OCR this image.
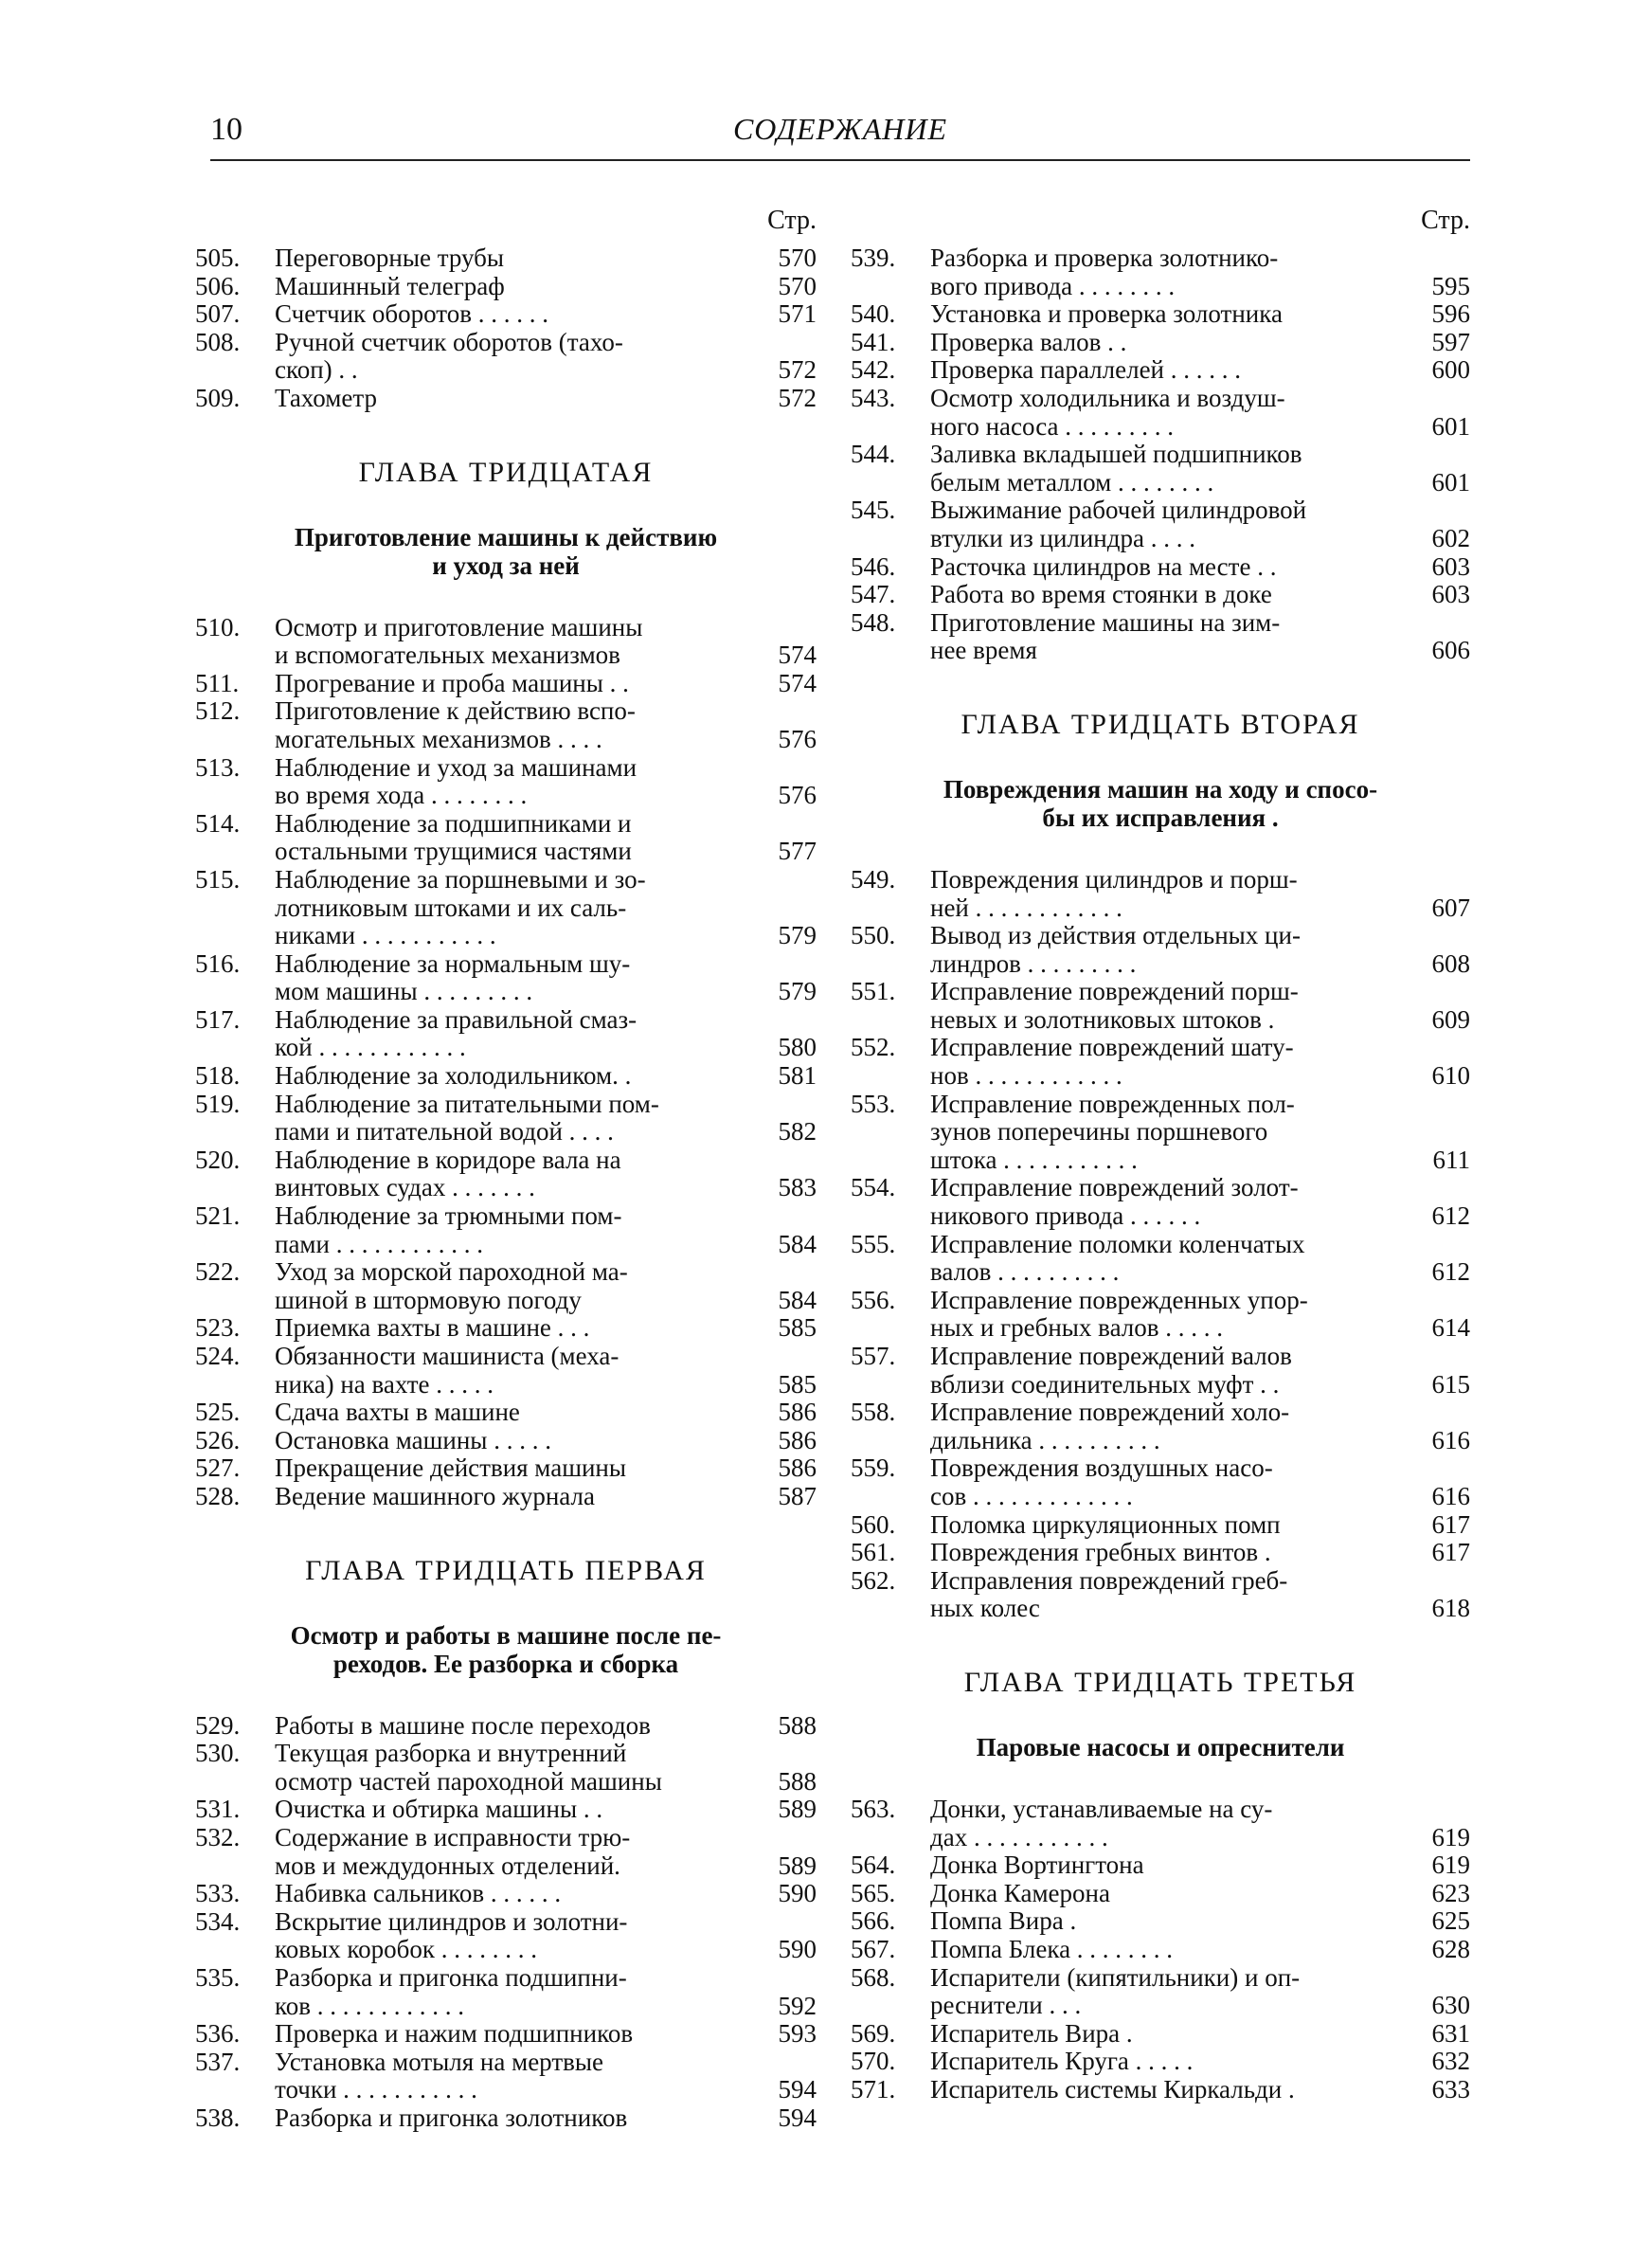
10	СОДЕРЖАНИЕ
Стр.
505.	Переговорные трубы	570
506.	Машинный телеграф	570
507.	Счетчик оборотов . . . . . .	571
508.	Ручной счетчик оборотов (тахо-
скоп) . .	572
509.	Тахометр	572
ГЛАВА ТРИДЦАТАЯ
Приготовление машины к действию
и уход за ней
510.	Осмотр и приготовление машины
и вспомогательных механизмов	574
511.	Прогревание и проба машины . .	574
512.	Приготовление к действию вспо-
могательных механизмов . . . .	576
513.	Наблюдение и уход за машинами
во время хода . . . . . . . .	576
514.	Наблюдение за подшипниками и
остальными трущимися частями	577
515.	Наблюдение за поршневыми и зо-
лотниковым штоками и их саль-
никами . . . . . . . . . . .	579
516.	Наблюдение за нормальным шу-
мом машины . . . . . . . . .	579
517.	Наблюдение за правильной смаз-
кой . . . . . . . . . . . .	580
518.	Наблюдение за холодильником. .	581
519.	Наблюдение за питательными пом-
пами и питательной водой . . . .	582
520.	Наблюдение в коридоре вала на
винтовых судах . . . . . . .	583
521.	Наблюдение за трюмными пом-
пами . . . . . . . . . . . .	584
522.	Уход за морской пароходной ма-
шиной в штормовую погоду	584
523.	Приемка вахты в машине . . .	585
524.	Обязанности машиниста (меха-
ника) на вахте . . . . .	585
525.	Сдача вахты в машине	586
526.	Остановка машины . . . . .	586
527.	Прекращение действия машины	586
528.	Ведение машинного журнала	587
ГЛАВА ТРИДЦАТЬ ПЕРВАЯ
Осмотр и работы в машине после пе-
реходов. Ее разборка и сборка
529.	Работы в машине после переходов	588
530.	Текущая разборка и внутренний
осмотр частей пароходной машины	588
531.	Очистка и обтирка машины . .	589
532.	Содержание в исправности трю-
мов и междудонных отделений.	589
533.	Набивка сальников . . . . . .	590
534.	Вскрытие цилиндров и золотни-
ковых коробок . . . . . . . .	590
535.	Разборка и пригонка подшипни-
ков . . . . . . . . . . . .	592
536.	Проверка и нажим подшипников	593
537.	Установка мотыля на мертвые
точки . . . . . . . . . . .	594
538.	Разборка и пригонка золотников	594
Стр.
539.	Разборка и проверка золотнико-
вого привода . . . . . . . .	595
540.	Установка и проверка золотника	596
541.	Проверка валов . .	597
542.	Проверка параллелей . . . . . .	600
543.	Осмотр холодильника и воздуш-
ного насоса . . . . . . . . .	601
544.	Заливка вкладышей подшипников
белым металлом . . . . . . . .	601
545.	Выжимание рабочей цилиндровой
втулки из цилиндра . . . .	602
546.	Расточка цилиндров на месте . .	603
547.	Работа во время стоянки в доке	603
548.	Приготовление машины на зим-
нее время	606
ГЛАВА ТРИДЦАТЬ ВТОРАЯ
Повреждения машин на ходу и спосо-
бы их исправления .
549.	Повреждения цилиндров и порш-
ней . . . . . . . . . . . .	607
550.	Вывод из действия отдельных ци-
линдров . . . . . . . . .	608
551.	Исправление повреждений порш-
невых и золотниковых штоков .	609
552.	Исправление повреждений шату-
нов . . . . . . . . . . . .	610
553.	Исправление поврежденных пол-
зунов поперечины поршневого
штока . . . . . . . . . . .	611
554.	Исправление повреждений золот-
никового привода . . . . . .	612
555.	Исправление поломки коленчатых
валов . . . . . . . . . .	612
556.	Исправление поврежденных упор-
ных и гребных валов . . . . .	614
557.	Исправление повреждений валов
вблизи соединительных муфт . .	615
558.	Исправление повреждений холо-
дильника . . . . . . . . . .	616
559.	Повреждения воздушных насо-
сов . . . . . . . . . . . . .	616
560.	Поломка циркуляционных помп	617
561.	Повреждения гребных винтов .	617
562.	Исправления повреждений греб-
ных колес	618
ГЛАВА ТРИДЦАТЬ ТРЕТЬЯ
Паровые насосы и опреснители
563.	Донки, устанавливаемые на су-
дах . . . . . . . . . . .	619
564.	Донка Вортингтона	619
565.	Донка Камерона	623
566.	Помпа Вира .	625
567.	Помпа Блека . . . . . . . .	628
568.	Испарители (кипятильники) и оп-
реснители . . .	630
569.	Испаритель Вира .	631
570.	Испаритель Круга . . . . .	632
571.	Испаритель системы Киркальди .	633
